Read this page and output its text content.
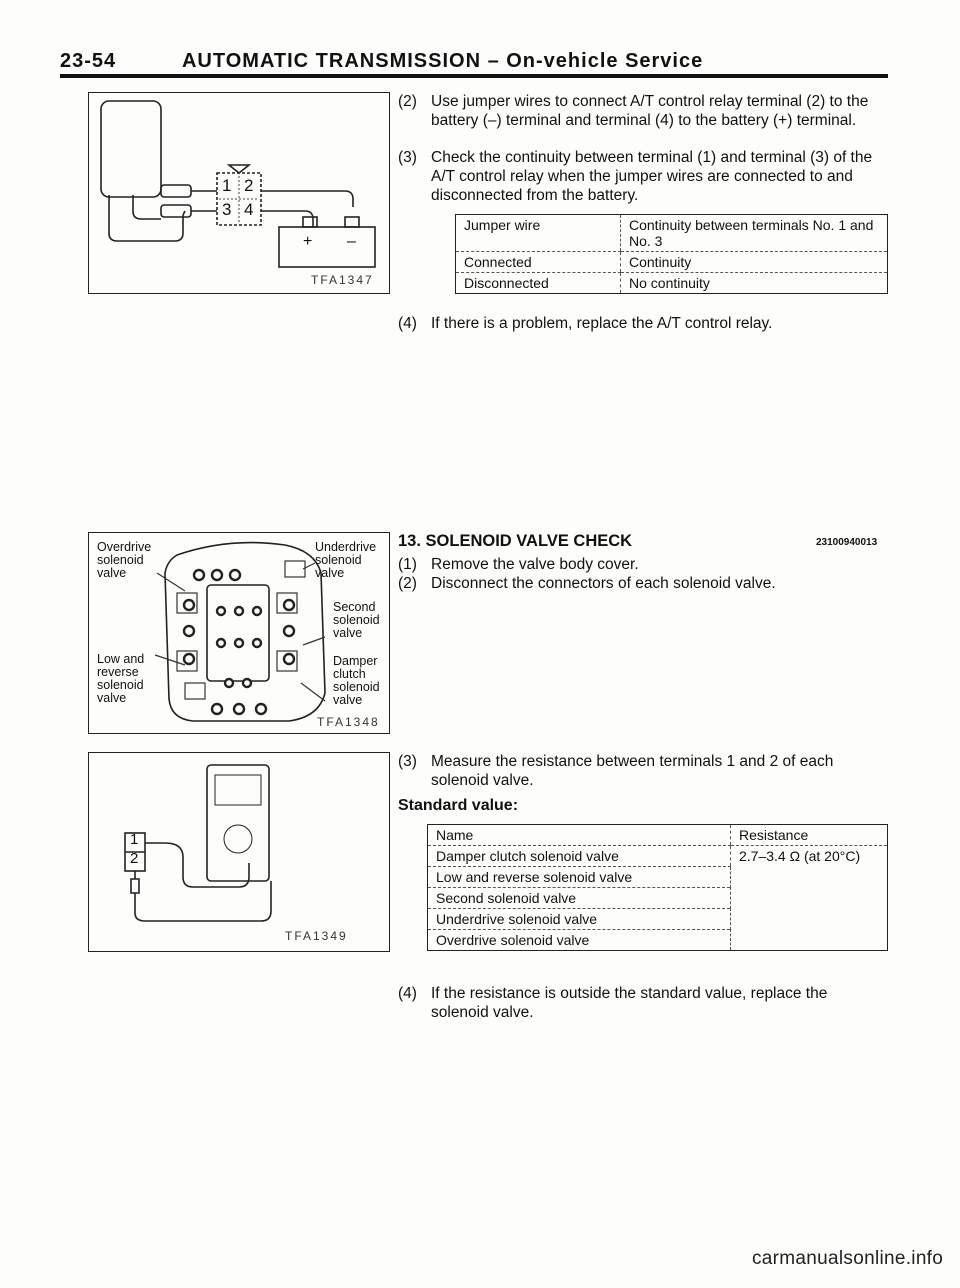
23-54	AUTOMATIC TRANSMISSION – On-vehicle Service
1 2
3 4
+ –
TFA1347
(2) Use jumper wires to connect A/T control relay terminal (2) to the battery (–) terminal and terminal (4) to the battery (+) terminal.
(3) Check the continuity between terminal (1) and terminal (3) of the A/T control relay when the jumper wires are connected to and disconnected from the battery.
Jumper wire	Continuity between terminals No. 1 and No. 3
Connected	Continuity
Disconnected	No continuity
(4) If there is a problem, replace the A/T control relay.
Overdrive
solenoid
valve
Underdrive
solenoid
valve
Second
solenoid
valve
Low and
reverse
solenoid
valve
Damper
clutch
solenoid
valve
TFA1348
13. SOLENOID VALVE CHECK	23100940013
(1) Remove the valve body cover.
(2) Disconnect the connectors of each solenoid valve.
1
2
TFA1349
(3) Measure the resistance between terminals 1 and 2 of each solenoid valve.
Standard value:
Name	Resistance
Damper clutch solenoid valve	2.7–3.4 Ω (at 20°C)
Low and reverse solenoid valve	
Second solenoid valve	
Underdrive solenoid valve	
Overdrive solenoid valve	
(4) If the resistance is outside the standard value, replace the solenoid valve.
carmanualsonline.info
